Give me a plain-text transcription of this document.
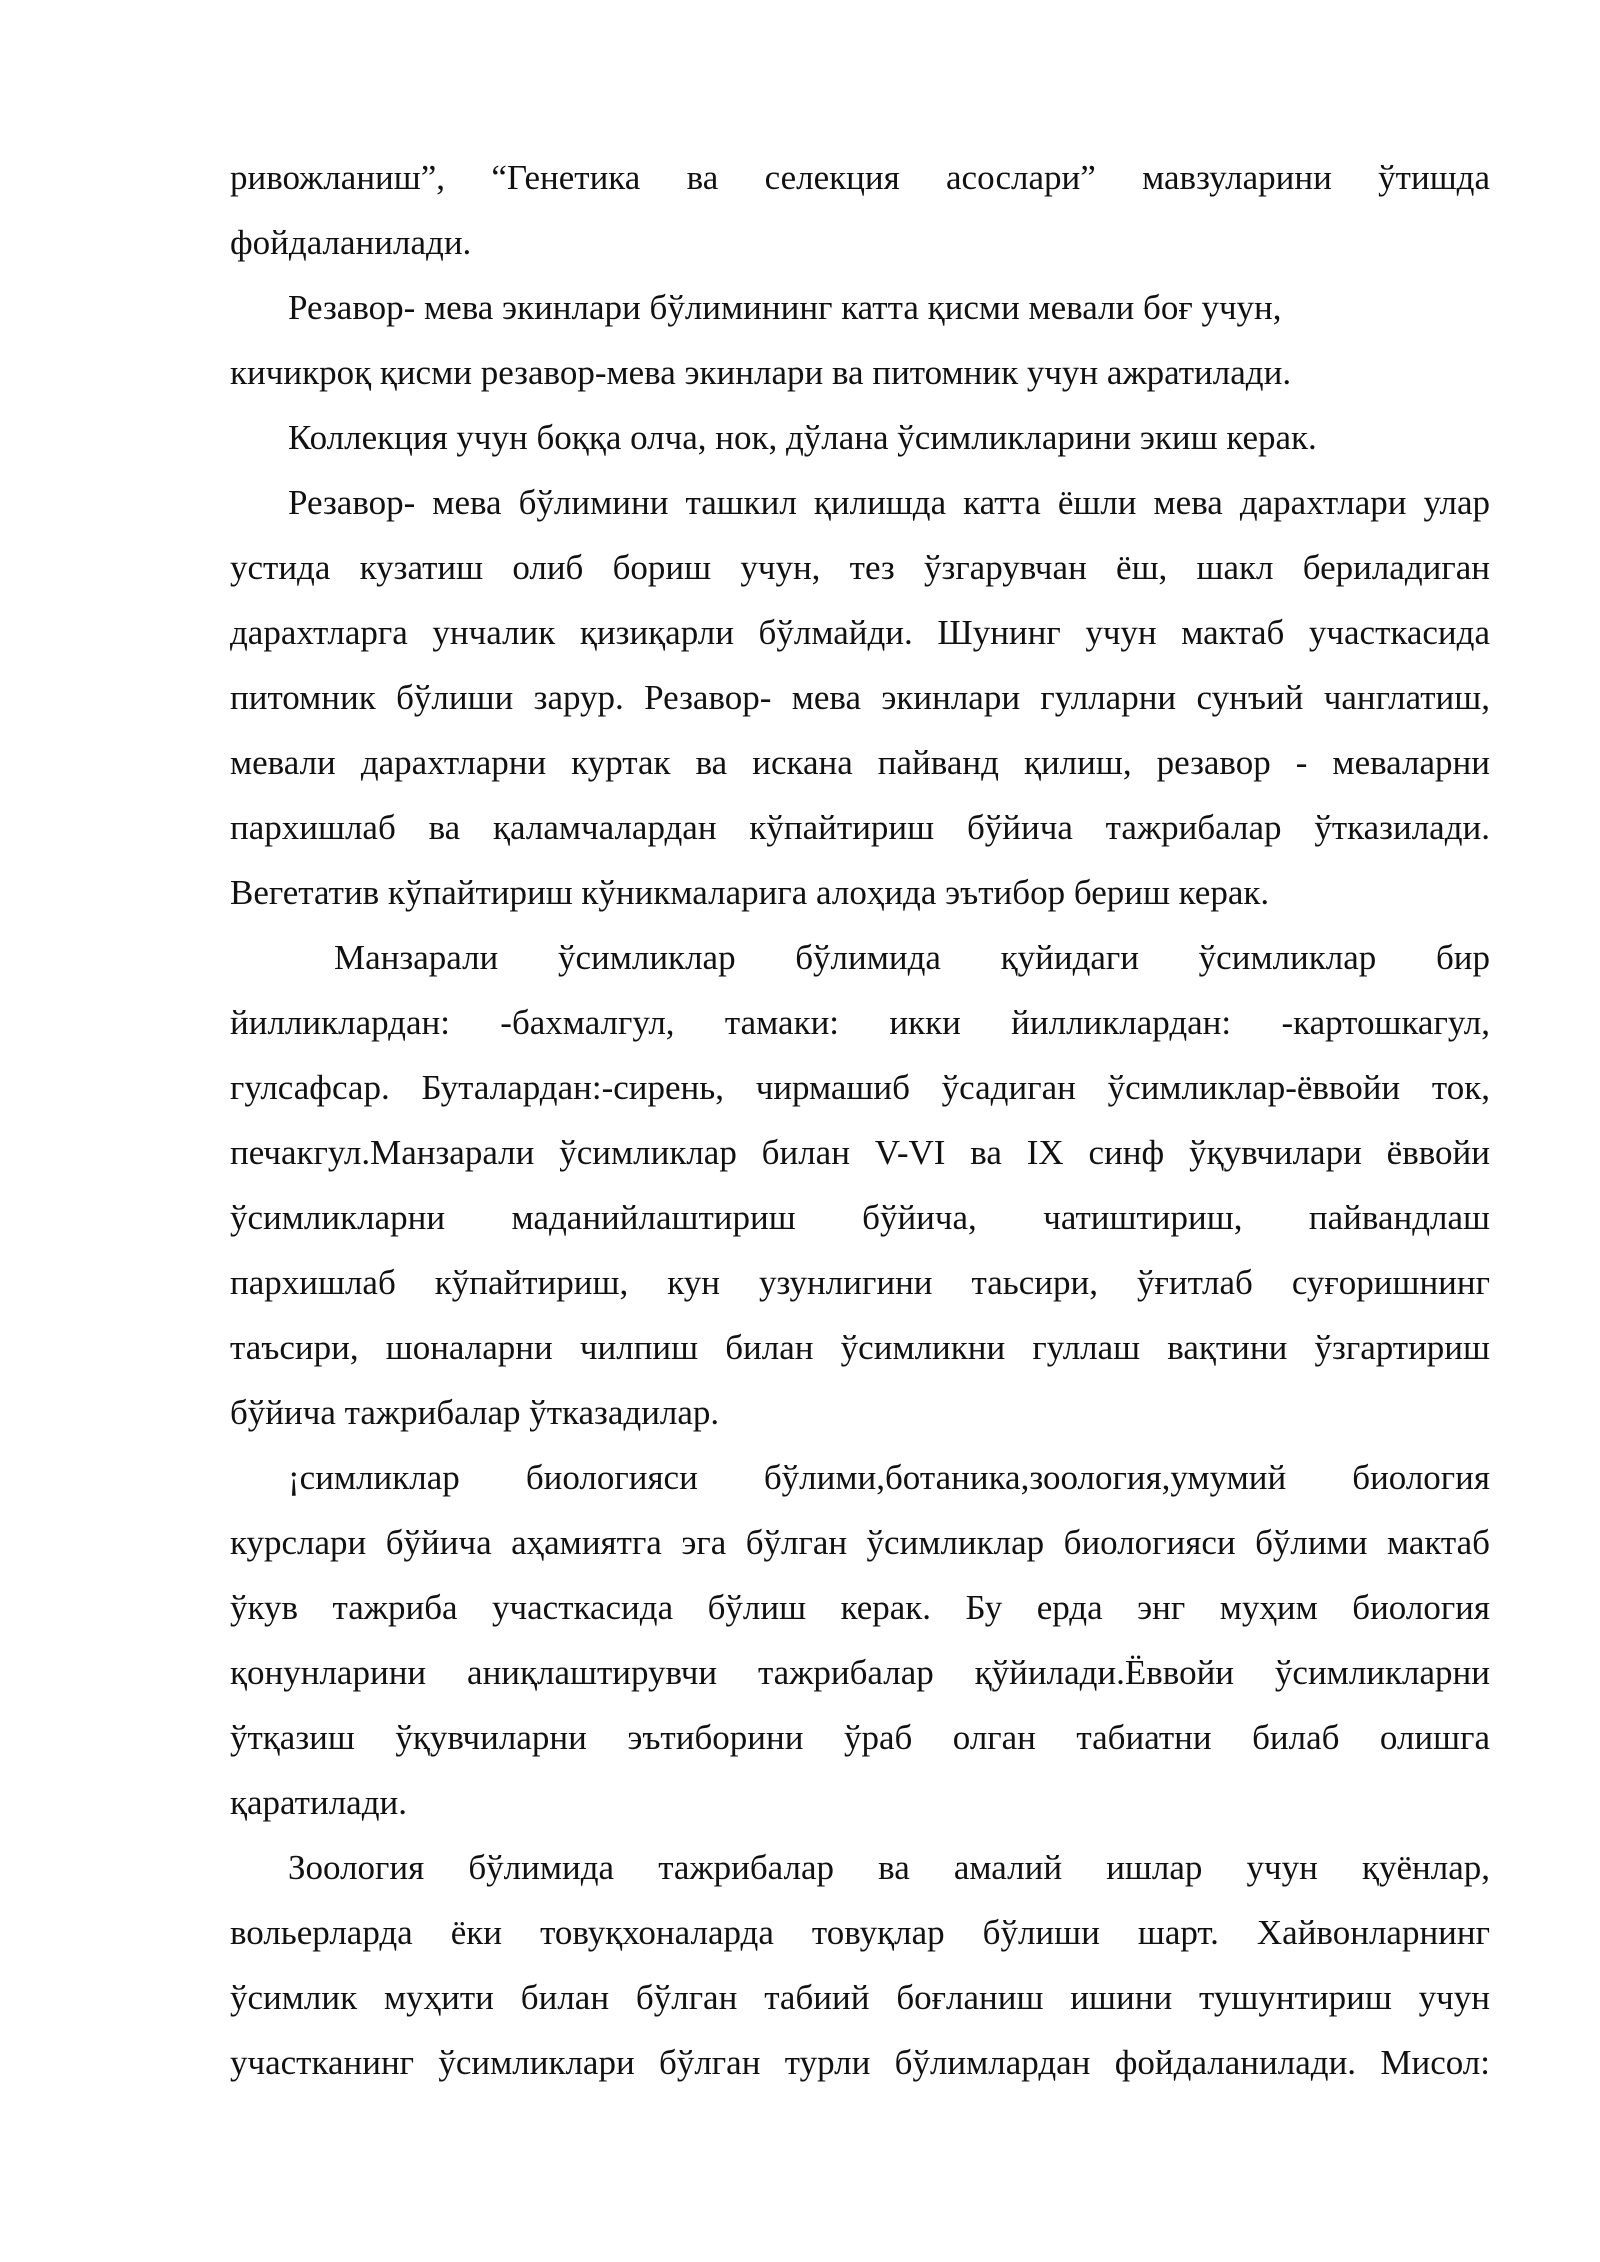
ривожланиш”, “Генетика ва селекция асослари” мавзуларини ўтишда
фойдаланилади.
Резавор- мева экинлари бўлимининг катта қисми мевали боғ учун,
кичикроқ қисми резавор-мева экинлари ва питомник учун ажратилади.
Коллекция учун боққа олча, нок, дўлана ўсимликларини экиш керак.
Резавор- мева бўлимини ташкил қилишда катта ёшли мева дарахтлари улар
устида кузатиш олиб бориш учун, тез ўзгарувчан ёш, шакл бериладиган
дарахтларга унчалик қизиқарли бўлмайди. Шунинг учун мактаб участкасида
питомник бўлиши зарур. Резавор- мева экинлари гулларни сунъий чанглатиш,
мевали дарахтларни куртак ва искана пайванд қилиш, резавор - меваларни
пархишлаб ва қаламчалардан кўпайтириш бўйича тажрибалар ўтказилади.
Вегетатив кўпайтириш кўникмаларига алоҳида эътибор бериш керак.
Манзарали ўсимликлар бўлимида қуйидаги ўсимликлар бир
йилликлардан: -бахмалгул, тамаки: икки йилликлардан: -картошкагул,
гулсафсар. Буталардан:-сирень, чирмашиб ўсадиган ўсимликлар-ёввойи ток,
печакгул.Манзарали ўсимликлар билан V-VI ва IX синф ўқувчилари ёввойи
ўсимликларни маданийлаштириш бўйича, чатиштириш, пайвандлаш
пархишлаб кўпайтириш, кун узунлигини таьсири, ўғитлаб суғоришнинг
таъсири, шоналарни чилпиш билан ўсимликни гуллаш вақтини ўзгартириш
бўйича тажрибалар ўтказадилар.
¡симликлар биологияси бўлими,ботаника,зоология,умумий биология
курслари бўйича аҳамиятга эга бўлган ўсимликлар биологияси бўлими мактаб
ўкув тажриба участкасида бўлиш керак. Бу ерда энг муҳим биология
қонунларини аниқлаштирувчи тажрибалар қўйилади.Ёввойи ўсимликларни
ўтқазиш ўқувчиларни эътиборини ўраб олган табиатни билаб олишга
қаратилади.
Зоология бўлимида тажрибалар ва амалий ишлар учун қуёнлар,
вольерларда ёки товуқхоналарда товуқлар бўлиши шарт. Хайвонларнинг
ўсимлик муҳити билан бўлган табиий боғланиш ишини тушунтириш учун
участканинг ўсимликлари бўлган турли бўлимлардан фойдаланилади. Мисол:
